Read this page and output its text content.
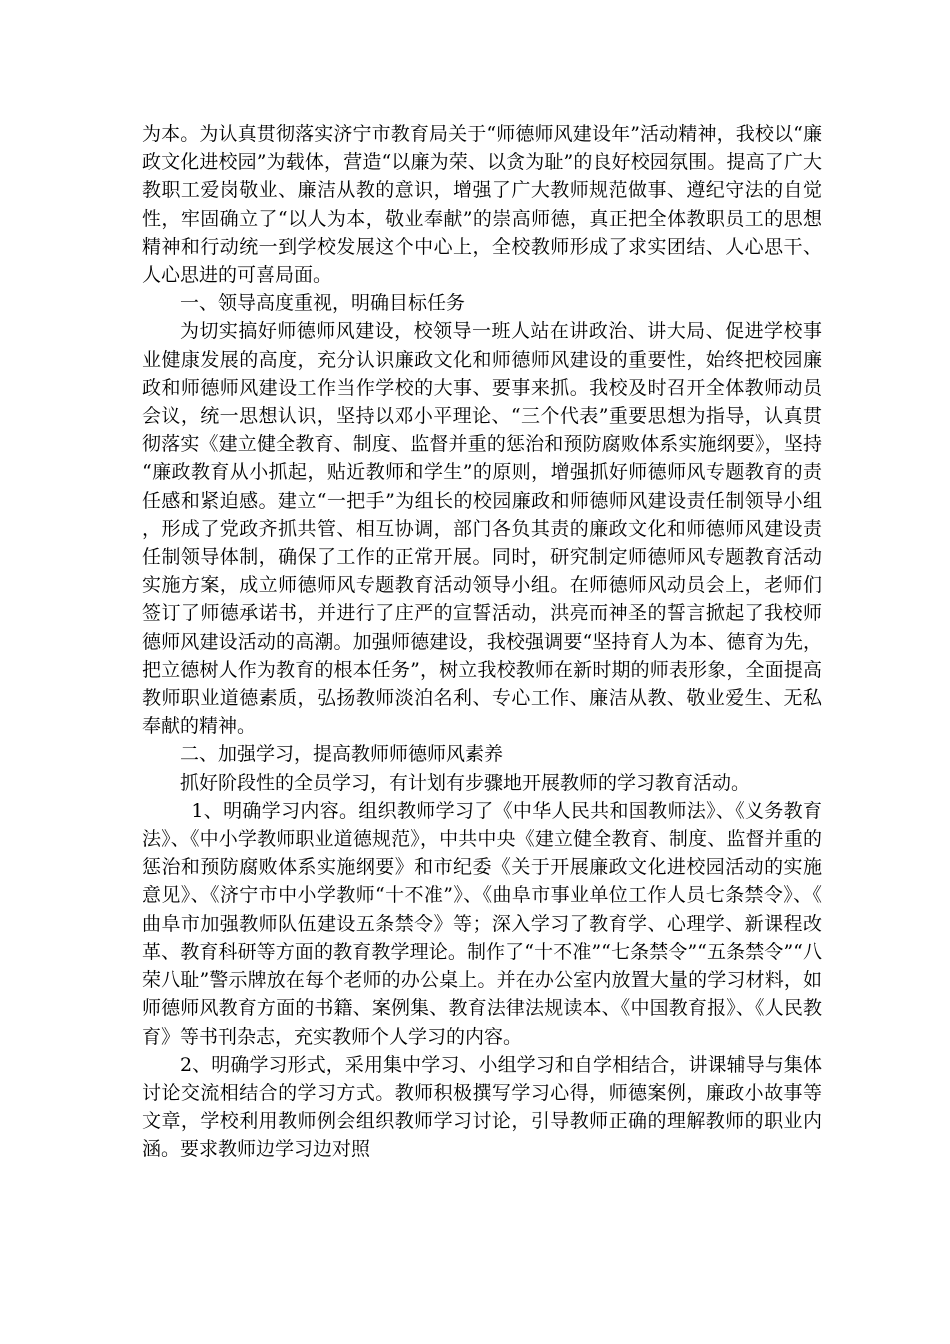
为本。为认真贯彻落实济宁市教育局关于“师德师风建设年”活动精神，我校以“廉政文化进校园”为载体，营造“以廉为荣、以贪为耻”的良好校园氛围。提高了广大教职工爱岗敬业、廉洁从教的意识，增强了广大教师规范做事、遵纪守法的自觉性，牢固确立了“以人为本，敬业奉献”的崇高师德，真正把全体教职员工的思想精神和行动统一到学校发展这个中心上，全校教师形成了求实团结、人心思干、人心思进的可喜局面。

一、领导高度重视，明确目标任务

为切实搞好师德师风建设，校领导一班人站在讲政治、讲大局、促进学校事业健康发展的高度，充分认识廉政文化和师德师风建设的重要性，始终把校园廉政和师德师风建设工作当作学校的大事、要事来抓。我校及时召开全体教师动员会议，统一思想认识，坚持以邓小平理论、“三个代表”重要思想为指导，认真贯彻落实《建立健全教育、制度、监督并重的惩治和预防腐败体系实施纲要》，坚持“廉政教育从小抓起，贴近教师和学生”的原则，增强抓好师德师风专题教育的责任感和紧迫感。建立“一把手”为组长的校园廉政和师德师风建设责任制领导小组，形成了党政齐抓共管、相互协调，部门各负其责的廉政文化和师德师风建设责任制领导体制，确保了工作的正常开展。同时，研究制定师德师风专题教育活动实施方案，成立师德师风专题教育活动领导小组。在师德师风动员会上，老师们签订了师德承诺书，并进行了庄严的宣誓活动，洪亮而神圣的誓言掀起了我校师德师风建设活动的高潮。加强师德建设，我校强调要“坚持育人为本、德育为先，把立德树人作为教育的根本任务”，树立我校教师在新时期的师表形象，全面提高教师职业道德素质，弘扬教师淡泊名利、专心工作、廉洁从教、敬业爱生、无私奉献的精神。

二、加强学习，提高教师师德师风素养

抓好阶段性的全员学习，有计划有步骤地开展教师的学习教育活动。

1、明确学习内容。组织教师学习了《中华人民共和国教师法》、《义务教育法》、《中小学教师职业道德规范》，中共中央《建立健全教育、制度、监督并重的惩治和预防腐败体系实施纲要》和市纪委《关于开展廉政文化进校园活动的实施意见》、《济宁市中小学教师“十不准”》、《曲阜市事业单位工作人员七条禁令》、《曲阜市加强教师队伍建设五条禁令》等；深入学习了教育学、心理学、新课程改革、教育科研等方面的教育教学理论。制作了“十不准”“七条禁令”“五条禁令”“八荣八耻”警示牌放在每个老师的办公桌上。并在办公室内放置大量的学习材料，如师德师风教育方面的书籍、案例集、教育法律法规读本、《中国教育报》、《人民教育》等书刊杂志，充实教师个人学习的内容。

2、明确学习形式，采用集中学习、小组学习和自学相结合，讲课辅导与集体讨论交流相结合的学习方式。教师积极撰写学习心得，师德案例，廉政小故事等文章，学校利用教师例会组织教师学习讨论，引导教师正确的理解教师的职业内涵。要求教师边学习边对照
